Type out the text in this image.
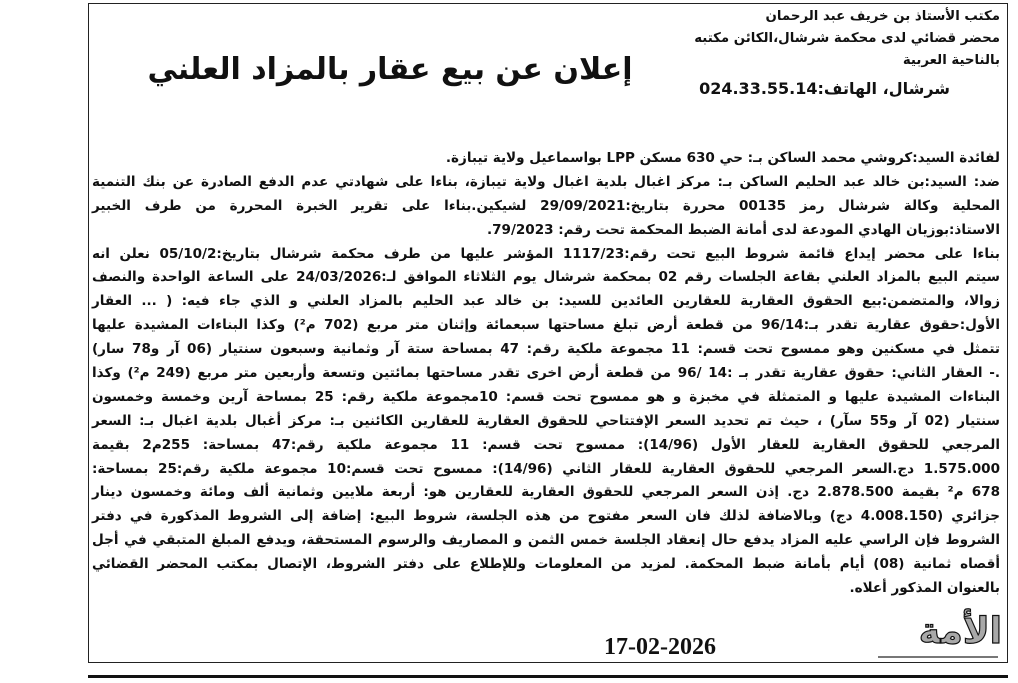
مكتب الأستاذ بن خريف عبد الرحمان
محضر قضائي لدى محكمة شرشال،الكائن مكتبه
بالناحية العربية
شرشال، الهاتف:024.33.55.14
إعلان عن بيع عقار بالمزاد العلني
لفائدة السيد:كروشي محمد الساكن بـ: حي 630 مسكن LPP بواسماعيل ولاية تيبازة.
ضد: السيد:بن خالد عبد الحليم الساكن بـ: مركز اغبال بلدية اغبال ولاية تيبازة، بناءا على شهادتي عدم الدفع الصادرة عن بنك التنمية
المحلية وكالة شرشال رمز 00135 محررة بتاريخ:29/09/2021 لشيكين.بناءا على تقرير الخبرة المحررة من طرف الخبير
الاستاذ:بوزيان الهادي المودعة لدى أمانة الضبط المحكمة تحت رقم: 79/2023.
بناءا على محضر إيداع قائمة شروط البيع تحت رقم:1117/23 المؤشر عليها من طرف محكمة شرشال بتاريخ:05/10/2 نعلن انه
سيتم البيع بالمزاد العلني بقاعة الجلسات رقم 02 بمحكمة شرشال يوم الثلاثاء الموافق لـ:24/03/2026 على الساعة الواحدة والنصف
زوالا، والمتضمن:بيع الحقوق العقارية للعقارين العائدين للسيد: بن خالد عبد الحليم بالمزاد العلني و الذي جاء فيه: ( ... العقار
الأول:حقوق عقارية تقدر بـ:96/14 من قطعة أرض تبلغ مساحتها سبعمائة وإثنان متر مربع (702 م²) وكذا البناءات المشيدة عليها
تتمثل في مسكنين وهو ممسوح تحت قسم: 11 مجموعة ملكية رقم: 47 بمساحة ستة آر وثمانية وسبعون سنتيار (06 آر و78 سار)
.- العقار الثاني: حقوق عقارية تقدر بـ :14 /96 من قطعة أرض اخرى تقدر مساحتها بمائتين وتسعة وأربعين متر مربع (249 م²) وكذا
البناءات المشيدة عليها و المتمثلة في مخبزة و هو ممسوح تحت قسم: 10مجموعة ملكية رقم: 25 بمساحة آرين وخمسة وخمسون
سنتيار (02 آر و55 سآر) ، حيث تم تحديد السعر الإفتتاحي للحقوق العقارية للعقارين الكائنين بـ: مركز أغبال بلدية اغبال بـ: السعر
المرجعي للحقوق العقارية للعقار الأول (14/96): ممسوح تحت قسم: 11 مجموعة ملكية رقم:47 بمساحة: 255م2 بقيمة
1.575.000 دج.السعر المرجعي للحقوق العقارية للعقار الثاني (14/96): ممسوح تحت قسم:10 مجموعة ملكية رقم:25 بمساحة:
678 م² بقيمة 2.878.500 دج. إذن السعر المرجعي للحقوق العقارية للعقارين هو: أربعة ملايين وثمانية ألف ومائة وخمسون دينار
جزائري (4.008.150 دج) وبالاضافة لذلك فان السعر مفتوح من هذه الجلسة، شروط البيع: إضافة إلى الشروط المذكورة في دفتر
الشروط فإن الراسي عليه المزاد يدفع حال إنعقاد الجلسة خمس الثمن و المصاريف والرسوم المستحقة، ويدفع المبلغ المتبقي في أجل
أقصاه ثمانية (08) أيام بأمانة ضبط المحكمة. لمزيد من المعلومات وللإطلاع على دفتر الشروط، الإتصال بمكتب المحضر القضائي
بالعنوان المذكور أعلاه.
الأمة
17-02-2026
